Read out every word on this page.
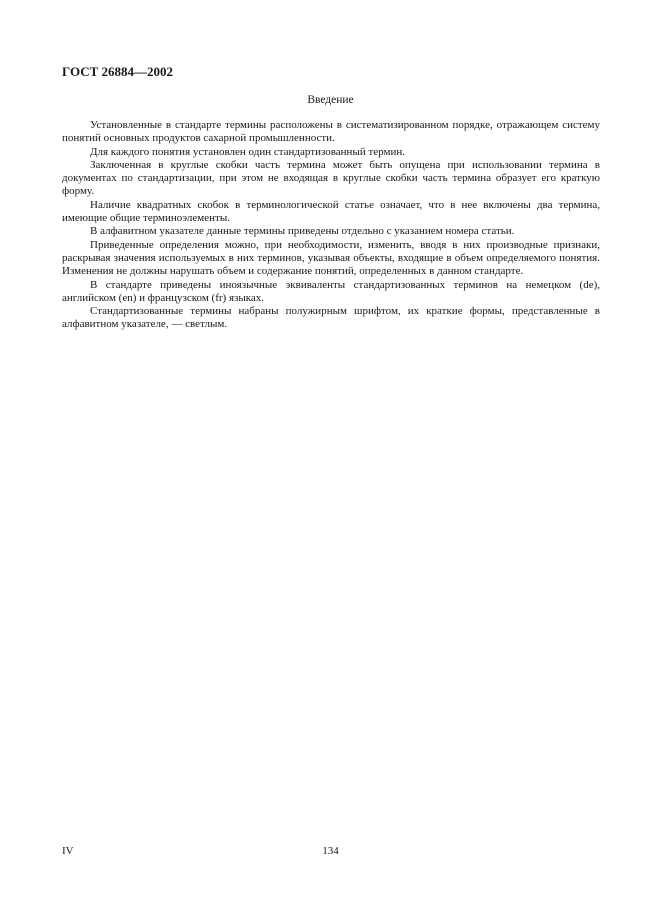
ГОСТ 26884—2002
Введение

Установленные в стандарте термины расположены в систематизированном порядке, отражающем систему понятий основных продуктов сахарной промышленности.

Для каждого понятия установлен один стандартизованный термин.

Заключенная в круглые скобки часть термина может быть опущена при использовании термина в документах по стандартизации, при этом не входящая в круглые скобки часть термина образует его краткую форму.

Наличие квадратных скобок в терминологической статье означает, что в нее включены два термина, имеющие общие терминоэлементы.

В алфавитном указателе данные термины приведены отдельно с указанием номера статьи.

Приведенные определения можно, при необходимости, изменить, вводя в них производные признаки, раскрывая значения используемых в них терминов, указывая объекты, входящие в объем определяемого понятия. Изменения не должны нарушать объем и содержание понятий, определенных в данном стандарте.

В стандарте приведены иноязычные эквиваленты стандартизованных терминов на немецком (de), английском (en) и французском (fr) языках.

Стандартизованные термины набраны полужирным шрифтом, их краткие формы, представленные в алфавитном указателе, — светлым.

IV	134
